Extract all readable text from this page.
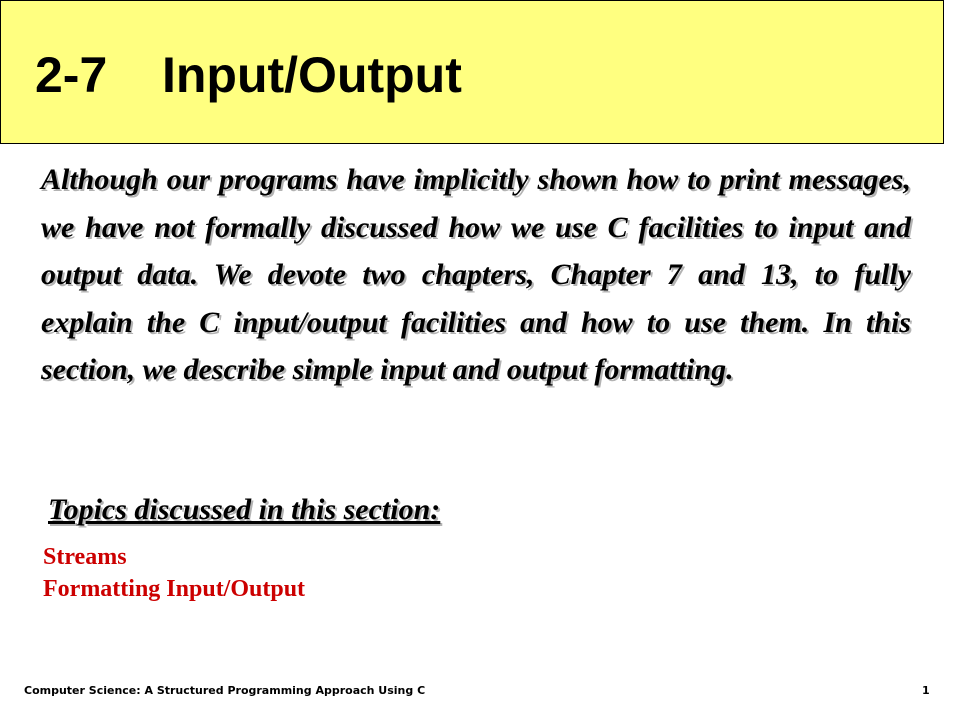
2-7 Input/Output

Although our programs have implicitly shown how to print messages, we have not formally discussed how we use C facilities to input and output data. We devote two chapters, Chapter 7 and 13, to fully explain the C input/output facilities and how to use them. In this section, we describe simple input and output formatting.

Topics discussed in this section:
Streams
Formatting Input/Output
Computer Science: A Structured Programming Approach Using C	1
